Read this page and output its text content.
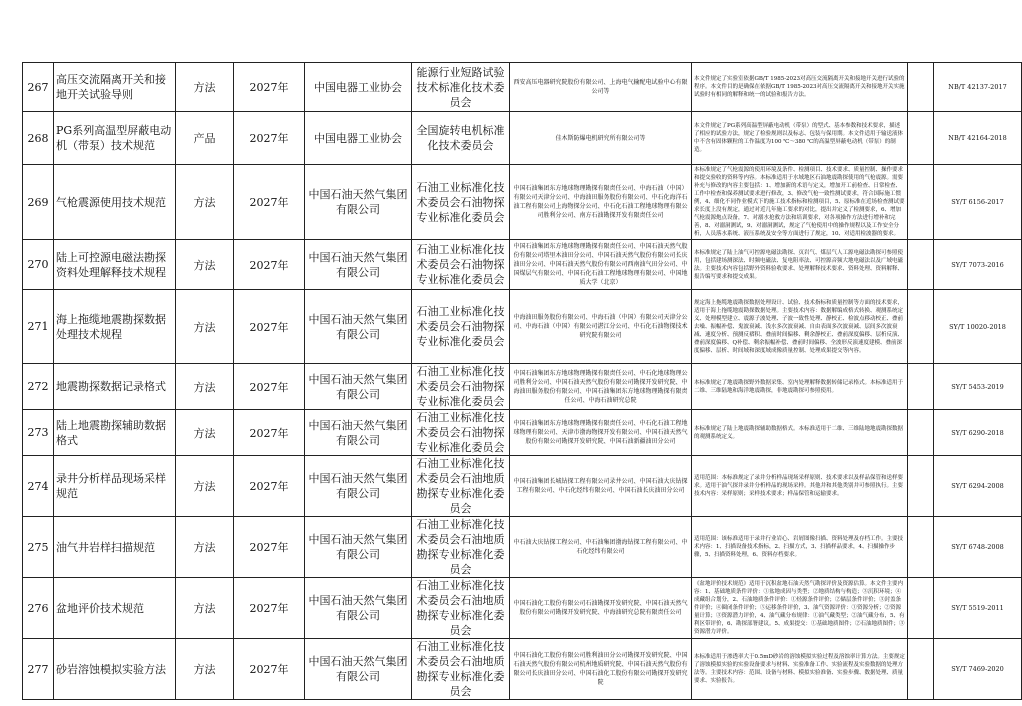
267	高压交流隔离开关和接地开关试验导则	方法	2027年	中国电器工业协会	能源行业短路试验技术标准化技术委员会	西安高压电器研究院股份有限公司、上海电气输配电试验中心有限公司等	本文件规定了实验室依据GB/T 1985-2023对高压交流隔离开关和接地开关进行试验的程序。本文件目的是确保在依据GB/T 1985-2023对高压交流隔离开关和接地开关实施试验时有相同的解释和统一的试验和报告方法。		NB/T 42137-2017
268	PG系列高温型屏蔽电动机（带泵）技术规范	产品	2027年	中国电器工业协会	全国旋转电机标准化技术委员会	佳木斯防爆电机研究所有限公司等	本文件规定了PG系列高温型屏蔽电动机（带泵）的型式、基本参数和技术要求，描述了相应的试验方法，规定了检验规则以及标志、包装与保用期。本文件适用于输送液体中不含有固体颗粒的工作温度为100 ℃～380 ℃的高温型屏蔽电动机（带泵）的制造。		NB/T 42164-2018
269	气枪震源使用技术规范	方法	2027年	中国石油天然气集团有限公司	石油工业标准化技术委员会石油物探专业标准化委员会	中国石油集团东方地球物理勘探有限责任公司、中海石油（中国）有限公司天津分公司、中海油田服务股份有限公司、中石化海洋石油工程有限公司上海物探分公司、中石化石油工程地球物理有限公司胜利分公司、南方石油勘探开发有限责任公司	本标准规定了气枪震源的使用环境及条件、检测项目、技术要求、质量控制、操作要求和提交验收的资料等内容。本标准适用于水域地区石油地震勘探使用的气枪震源。需要补充与修改的内容主要包括：1、增加新的术语与定义，增加开工前检查、日常检查、工作中检查和保养测试要求进行修改，3、修改气枪一致性测试要求，符合国际施工惯例，4、细化不同作业模式下的施工技术指标和检测项目，5、原标准在近场检查测试要求长度上没有规定，通过对近几年施工要求的对比，提出并定义了检测要求，6、增加气枪震源炮点设备，7、对溺水抢救方法和培训要求，对各项操作方法进行增补和完善，8、对溺洞测试，9、对溺洞测试，规定了气枪使用中的操作规程以及工作安全分析，人员落水系统、液压系统及安全等方面进行了规定，10、对适用检波器的要求。		SY/T 6156-2017
270	陆上可控源电磁法勘探资料处理解释技术规程	方法	2027年	中国石油天然气集团有限公司	石油工业标准化技术委员会石油物探专业标准化委员会	中国石油集团东方地球物理勘探有限责任公司、中国石油天然气股份有限公司塔里木油田分公司、中国石油天然气股份有限公司长庆油田分公司、中国石油天然气股份有限公司西南油气田分公司、中国煤层气有限公司、中国石化石油工程地球物理有限公司、中国地质大学（北京）	本标准规定了陆上油气可控源电磁法勘探、页岩气、煤层气人工源电磁法勘探可参照使用，包括建场测深法、时频电磁法、复电阻率法、可控源音频大地电磁法以及广域电磁法。主要技术内容包括野外资料验收要求、处理解释技术要求、资料处理、资料解释、报告编写要求和提交成果。		SY/T 7073-2016
271	海上拖缆地震勘探数据处理技术规程	方法	2027年	中国石油天然气集团有限公司	石油工业标准化技术委员会石油物探专业标准化委员会	中海油田服务股份有限公司、中海石油（中国）有限公司天津分公司、中海石油（中国）有限公司湛江分公司、中石化石油物探技术研究院有限公司	规定海上拖缆地震勘探数据处理设计、试验、技术指标和质量控制等方面的技术要求，适用于海上拖缆地震勘探数据处理。主要技术内容：数据解编成格式转换、观测系统定义、处理模型建立、震源子波处理、子波一致性处理、静校正、检波点移动校正、叠前去噪、振幅补偿、鬼波衰减、浅水多次波衰减、自由表面多次波衰减、层间多次波衰减、速度分析、预测反褶积、叠前时间偏移、剩余静校正、叠前深度偏移、层析反演、叠前深度偏移、Q补偿、剩余振幅补偿、叠前时间偏移、全波形反演速度建模、叠前深度偏移、层析、时间域和深度域成像质量控制、处理成果提交等内容。		SY/T 10020-2018
272	地震勘探数据记录格式	方法	2027年	中国石油天然气集团有限公司	石油工业标准化技术委员会石油物探专业标准化委员会	中国石油集团东方地球物理勘探有限责任公司、中石化地球物理公司胜利分公司、中国石油天然气股份有限公司勘探开发研究院、中海油田服务股份有限公司、中国石油集团东方地球物理勘探有限责任公司、中海石油研究总院	本标准规定了地震勘探野外数据采集、室内处理解释数据转储记录格式。本标准适用于二维、三维陆地和海洋地震勘探，非地震勘探可参照使用。		SY/T 5453-2019
273	陆上地震勘探辅助数据格式	方法	2027年	中国石油天然气集团有限公司	石油工业标准化技术委员会石油物探专业标准化委员会	中国石油集团东方地球物理勘探有限责任公司、中石化石油工程地球物理有限公司、天津市渤海物探开发有限公司、中国石油天然气股份有限公司勘探开发研究院、中国石油新疆油田分公司	本标准规定了陆上地震勘探辅助数据格式。本标准适用于二维、三维陆地地震勘探数据的观测系统定义。		SY/T 6290-2018
274	录井分析样品现场采样规范	方法	2027年	中国石油天然气集团有限公司	石油工业标准化技术委员会石油地质勘探专业标准化委员会	中国石油集团长城钻探工程有限公司录井公司、中国石油大庆钻探工程有限公司、中石化经纬有限公司、中国石油长庆油田分公司	适用范围：本标准规定了录井分析样品现场采样原则、技术要求以及样品保管和送样要求。适用于油气探井录井分析样品的现场采样。其他井和其他类别井可参照执行。主要技术内容：采样原则；采样技术要求；样品保管和运输要求。		SY/T 6294-2008
275	油气井岩样扫描规范	方法	2027年	中国石油天然气集团有限公司	石油工业标准化技术委员会石油地质勘探专业标准化委员会	中石油大庆钻探工程公司、中石油集团渤海钻探工程有限公司、中石化经纬有限公司	适用范围：该标准适用于录井行业岩心、岩屑图像扫描、资料处理及存档工作。主要技术内容：1、扫描设备技术指标，2、扫描方式，3、扫描样品要求，4、扫描操作步骤，5、扫描资料处理，6、资料存档要求。		SY/T 6748-2008
276	盆地评价技术规范	方法	2027年	中国石油天然气集团有限公司	石油工业标准化技术委员会石油地质勘探专业标准化委员会	中国石油化工股份有限公司石油勘探开发研究院、中国石油天然气股份有限公司勘探开发研究院、中海油研究总院有限责任公司	《盆地评价技术规范》适用于沉积盆地石油天然气勘探评价及资源估算。本文件主要内容：1、基础地质条件评价：①盆地成因与类型；②地质结构与构造；③沉积环境；④成藏组合划分，2、石油地质条件评价：①烃源条件评价；②储层条件评价；③封盖条件评价；④圈闭条件评价；⑤运移条件评价，3、油气资源评价：①资源分析；②资源量计算；③资源潜力评价，4、油气藏分布规律：①油气藏类型；②油气藏分布，5、有利区带评价，6、勘探部署建议。5、成果提交：①基础地质图件；②石油地质图件；③资源潜力评价。		SY/T 5519-2011
277	砂岩溶蚀模拟实验方法	方法	2027年	中国石油天然气集团有限公司	石油工业标准化技术委员会石油地质勘探专业标准化委员会	中国石油化工股份有限公司胜利油田分公司勘探开发研究院、中国石油天然气股份有限公司杭州地质研究院、中国石油天然气股份有限公司长庆油田分公司、中国石油化工股份有限公司勘探开发研究院	本标准适用于渗透率大于0.5mD砂岩的溶蚀模拟实验过程及溶蚀率计算方法。主要规定了溶蚀模拟实验的实验设备要求与材料、实验准备工作、实验流程及实验数据的处理方法等。主要技术内容：范围、设备与材料、模拟实验准备、实验步骤、数据处理、质量要求、实验报告。		SY/T 7469-2020
